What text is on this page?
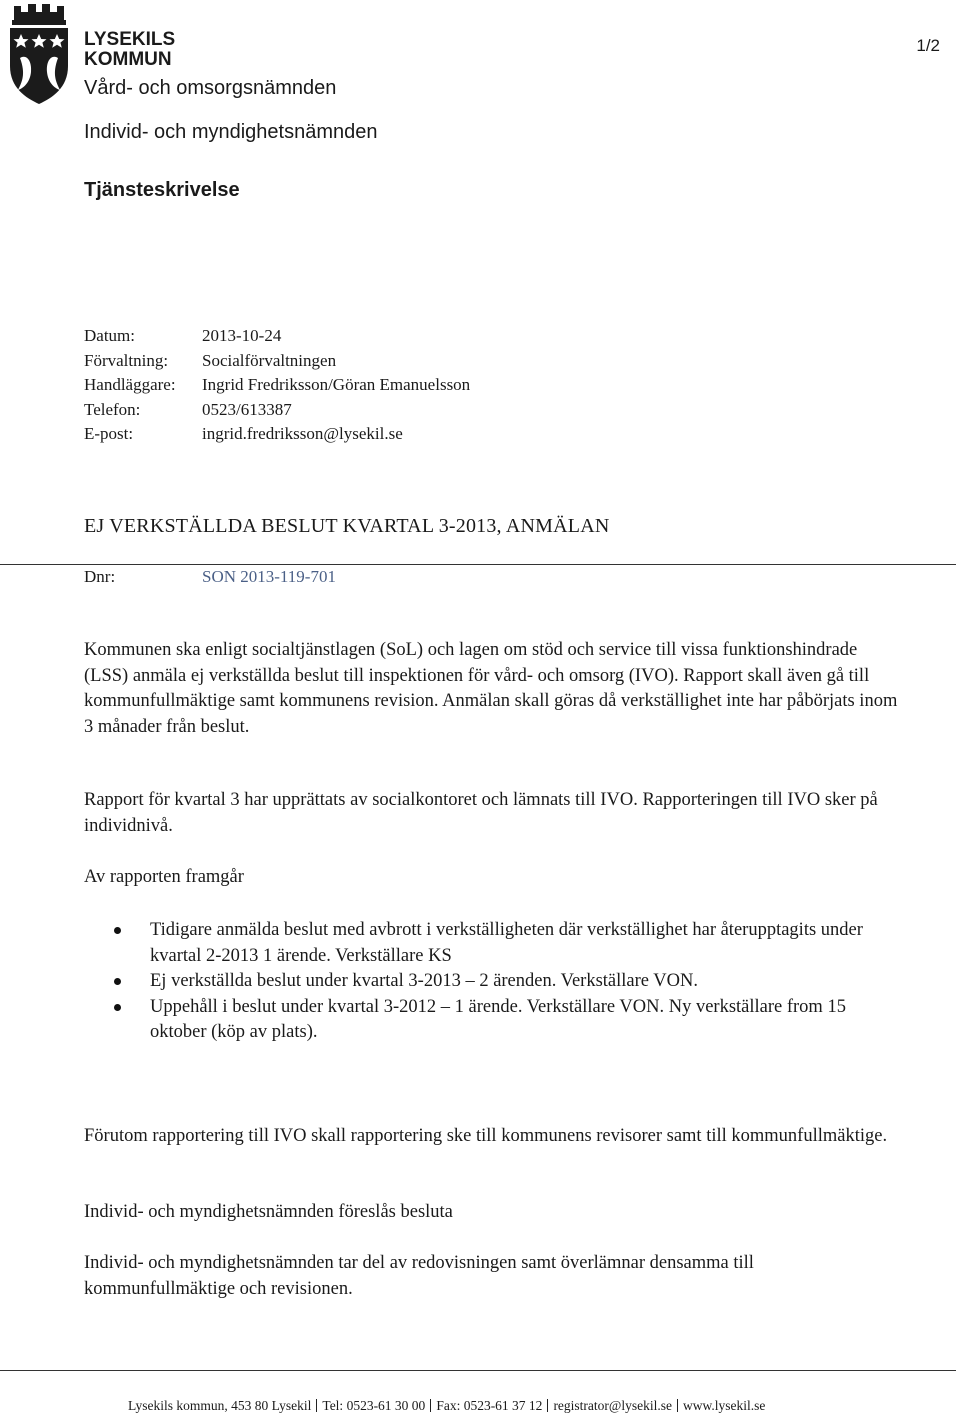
LYSEKILS
KOMMUN
1/2
Vård- och omsorgsnämnden
Individ- och myndighetsnämnden
Tjänsteskrivelse
Datum:	2013-10-24
Förvaltning:	Socialförvaltningen
Handläggare:	Ingrid Fredriksson/Göran Emanuelsson
Telefon:	0523/613387
E-post:	ingrid.fredriksson@lysekil.se
EJ VERKSTÄLLDA BESLUT KVARTAL 3-2013, ANMÄLAN
Dnr:	SON 2013-119-701
Kommunen ska enligt socialtjänstlagen (SoL) och lagen om stöd och service till vissa funktionshindrade (LSS) anmäla ej verkställda beslut till inspektionen för vård- och omsorg (IVO). Rapport skall även gå till kommunfullmäktige samt kommunens revision. Anmälan skall göras då verkställighet inte har påbörjats inom 3 månader från beslut.
Rapport för kvartal 3 har upprättats av socialkontoret och lämnats till IVO. Rapporteringen till IVO sker på individnivå.
Av rapporten framgår
Tidigare anmälda beslut med avbrott i verkställigheten där verkställighet har återupptagits under kvartal 2-2013 1 ärende. Verkställare KS
Ej verkställda beslut under kvartal 3-2013 – 2 ärenden. Verkställare VON.
Uppehåll i beslut under kvartal 3-2012 – 1 ärende. Verkställare VON. Ny verkställare from 15 oktober (köp av plats).
Förutom rapportering till IVO skall rapportering ske till kommunens revisorer samt till kommunfullmäktige.
Individ- och myndighetsnämnden föreslås besluta
Individ- och myndighetsnämnden tar del av redovisningen samt överlämnar densamma till kommunfullmäktige och revisionen.
Lysekils kommun, 453 80 Lysekil Tel: 0523-61 30 00 Fax: 0523-61 37 12 registrator@lysekil.se www.lysekil.se
